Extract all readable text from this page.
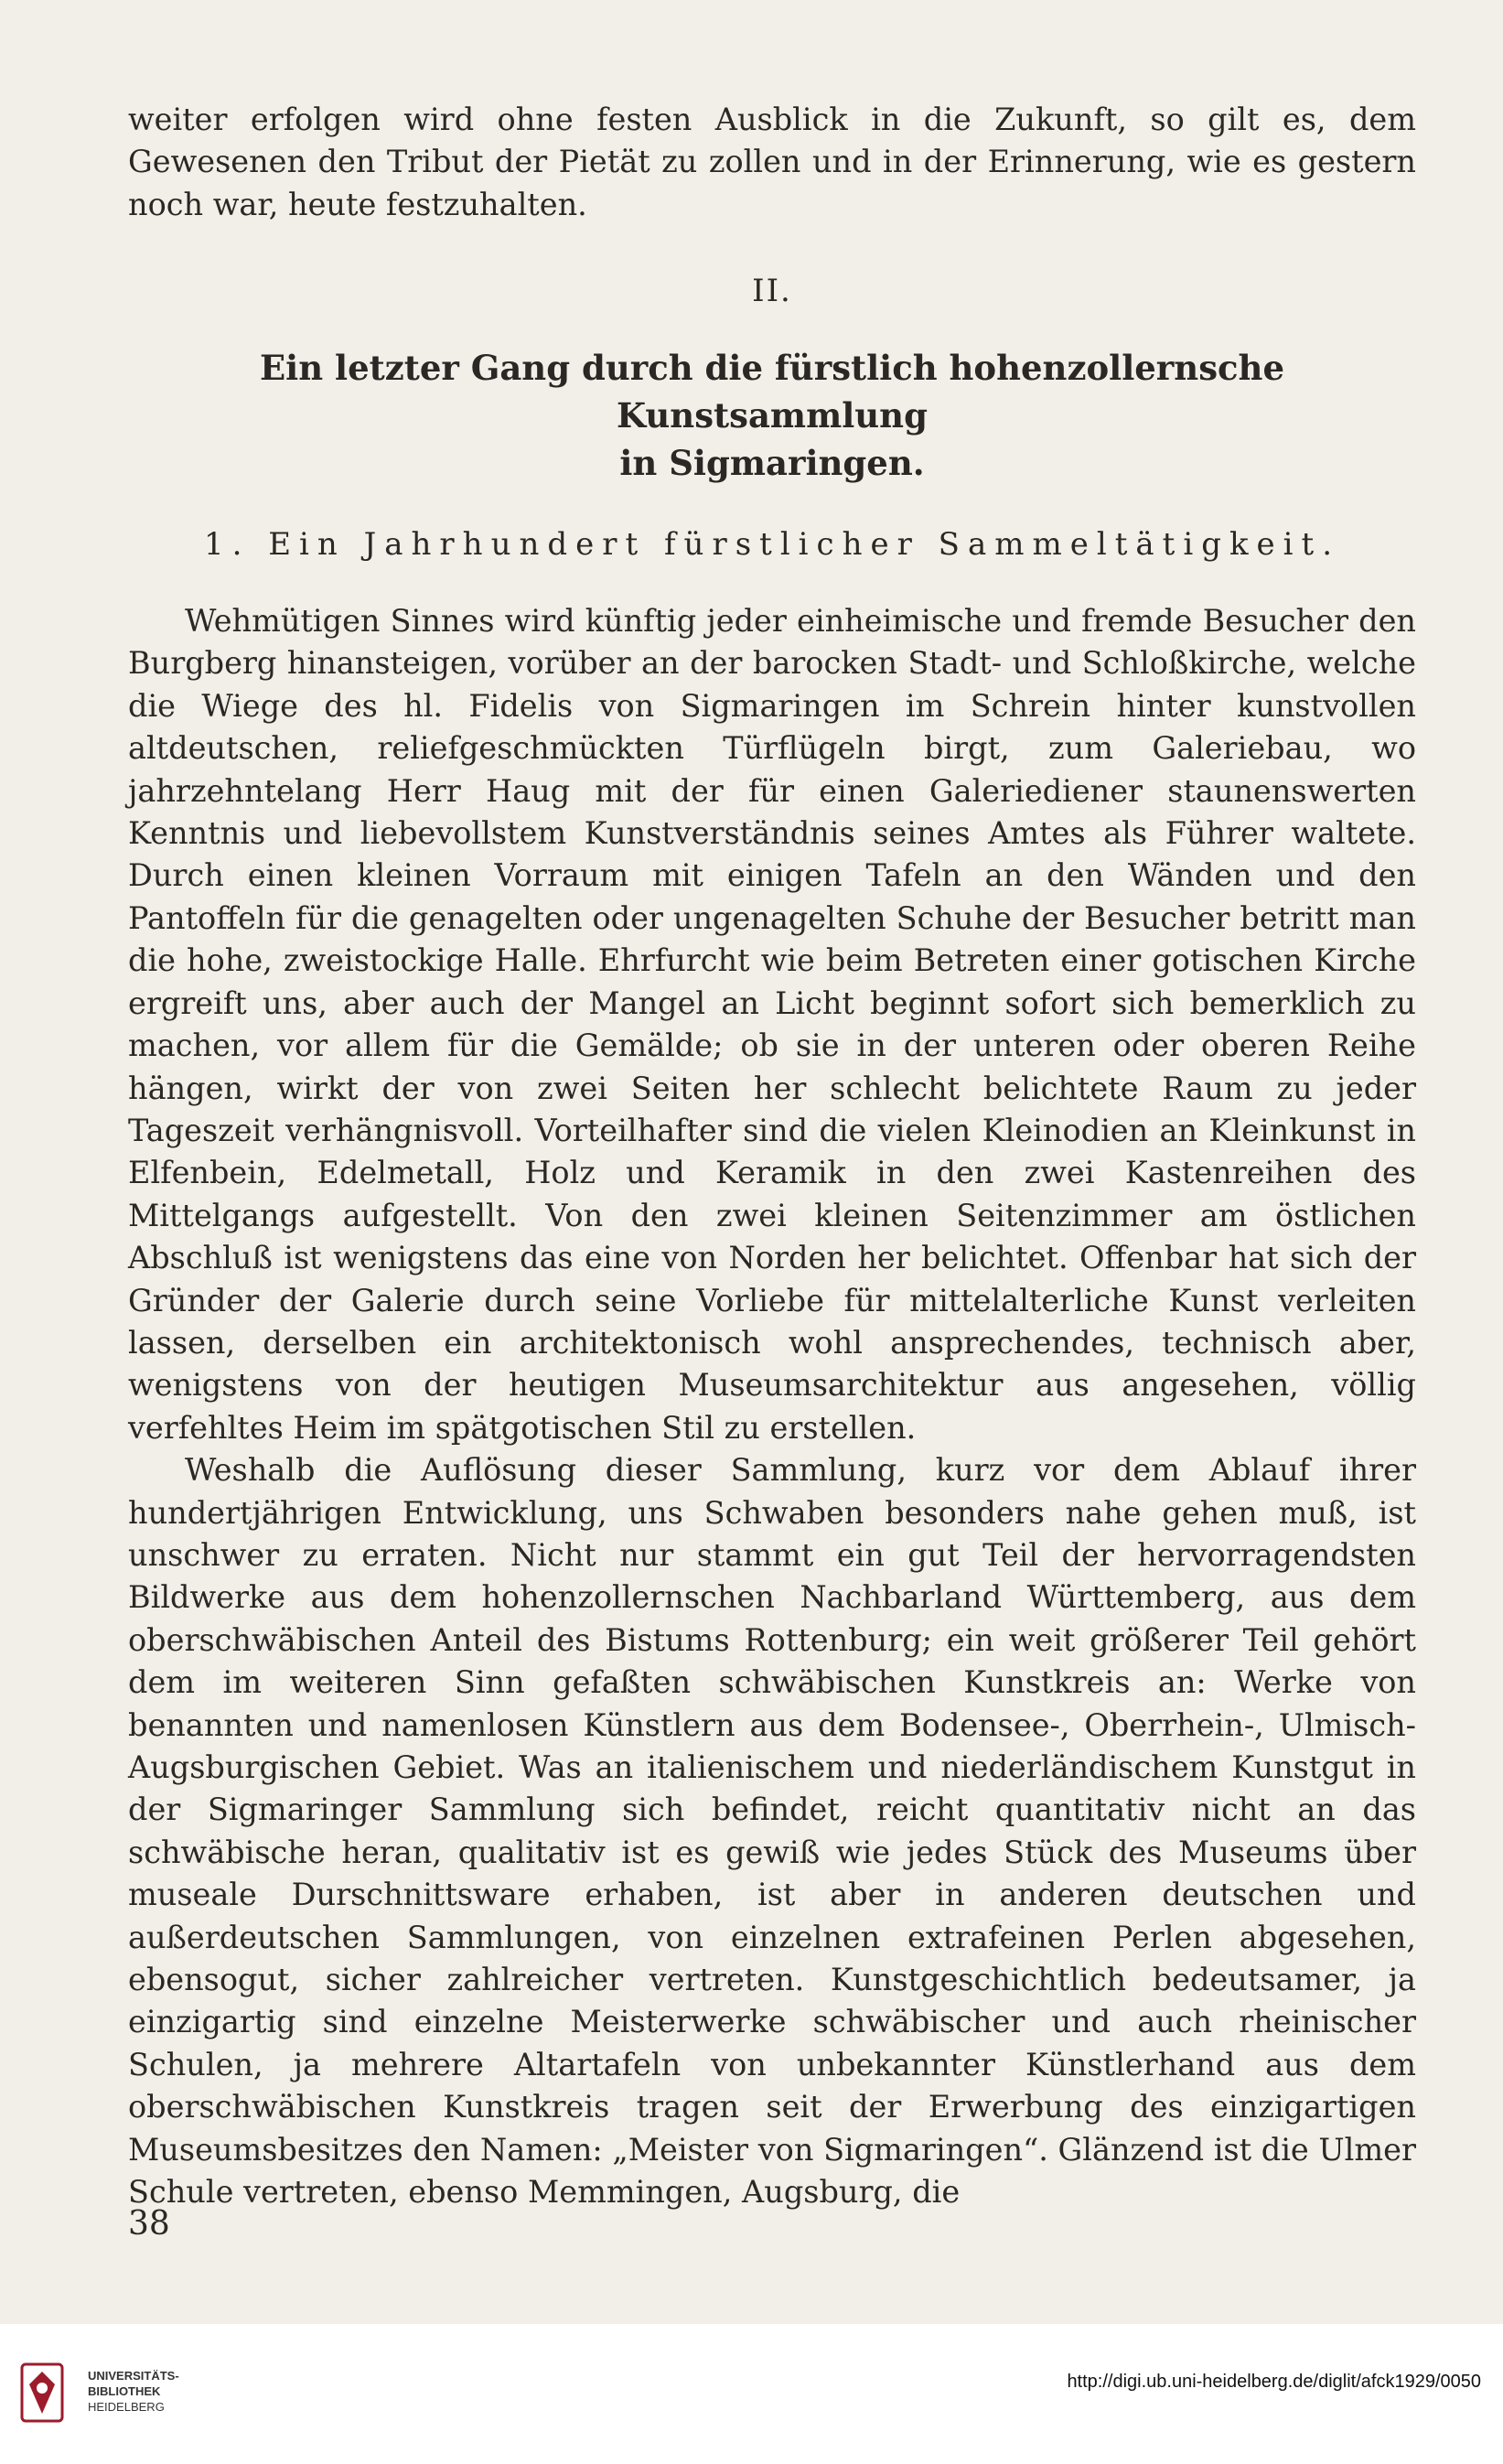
weiter erfolgen wird ohne festen Ausblick in die Zukunft, so gilt es, dem Gewesenen den Tribut der Pietät zu zollen und in der Erinnerung, wie es gestern noch war, heute festzuhalten.

II.
Ein letzter Gang durch die fürstlich hohenzollernsche Kunstsammlung
in Sigmaringen.
1. Ein Jahrhundert fürstlicher Sammeltätigkeit.

Wehmütigen Sinnes wird künftig jeder einheimische und fremde Besucher den Burgberg hinansteigen, vorüber an der barocken Stadt- und Schloßkirche, welche die Wiege des hl. Fidelis von Sigmaringen im Schrein hinter kunstvollen altdeutschen, reliefgeschmückten Türflügeln birgt, zum Galeriebau, wo jahrzehntelang Herr Haug mit der für einen Galeriediener staunenswerten Kenntnis und liebevollstem Kunstverständnis seines Amtes als Führer waltete. Durch einen kleinen Vorraum mit einigen Tafeln an den Wänden und den Pantoffeln für die genagelten oder ungenagelten Schuhe der Besucher betritt man die hohe, zweistockige Halle. Ehrfurcht wie beim Betreten einer gotischen Kirche ergreift uns, aber auch der Mangel an Licht beginnt sofort sich bemerklich zu machen, vor allem für die Gemälde; ob sie in der unteren oder oberen Reihe hängen, wirkt der von zwei Seiten her schlecht belichtete Raum zu jeder Tageszeit verhängnisvoll. Vorteilhafter sind die vielen Kleinodien an Kleinkunst in Elfenbein, Edelmetall, Holz und Keramik in den zwei Kastenreihen des Mittelgangs aufgestellt. Von den zwei kleinen Seitenzimmer am östlichen Abschluß ist wenigstens das eine von Norden her belichtet. Offenbar hat sich der Gründer der Galerie durch seine Vorliebe für mittelalterliche Kunst verleiten lassen, derselben ein architektonisch wohl ansprechendes, technisch aber, wenigstens von der heutigen Museumsarchitektur aus angesehen, völlig verfehltes Heim im spätgotischen Stil zu erstellen.

Weshalb die Auflösung dieser Sammlung, kurz vor dem Ablauf ihrer hundertjährigen Entwicklung, uns Schwaben besonders nahe gehen muß, ist unschwer zu erraten. Nicht nur stammt ein gut Teil der hervorragendsten Bildwerke aus dem hohenzollernschen Nachbarland Württemberg, aus dem oberschwäbischen Anteil des Bistums Rottenburg; ein weit größerer Teil gehört dem im weiteren Sinn gefaßten schwäbischen Kunstkreis an: Werke von benannten und namenlosen Künstlern aus dem Bodensee-, Oberrhein-, Ulmisch-Augsburgischen Gebiet. Was an italienischem und niederländischem Kunstgut in der Sigmaringer Sammlung sich befindet, reicht quantitativ nicht an das schwäbische heran, qualitativ ist es gewiß wie jedes Stück des Museums über museale Durschnittsware erhaben, ist aber in anderen deutschen und außerdeutschen Sammlungen, von einzelnen extrafeinen Perlen abgesehen, ebensogut, sicher zahlreicher vertreten. Kunstgeschichtlich bedeutsamer, ja einzigartig sind einzelne Meisterwerke schwäbischer und auch rheinischer Schulen, ja mehrere Altartafeln von unbekannter Künstlerhand aus dem oberschwäbischen Kunstkreis tragen seit der Erwerbung des einzigartigen Museumsbesitzes den Namen: „Meister von Sigmaringen“. Glänzend ist die Ulmer Schule vertreten, ebenso Memmingen, Augsburg, die

38
UNIVERSITÄTS-
BIBLIOTHEK
HEIDELBERG
http://digi.ub.uni-heidelberg.de/diglit/afck1929/0050
